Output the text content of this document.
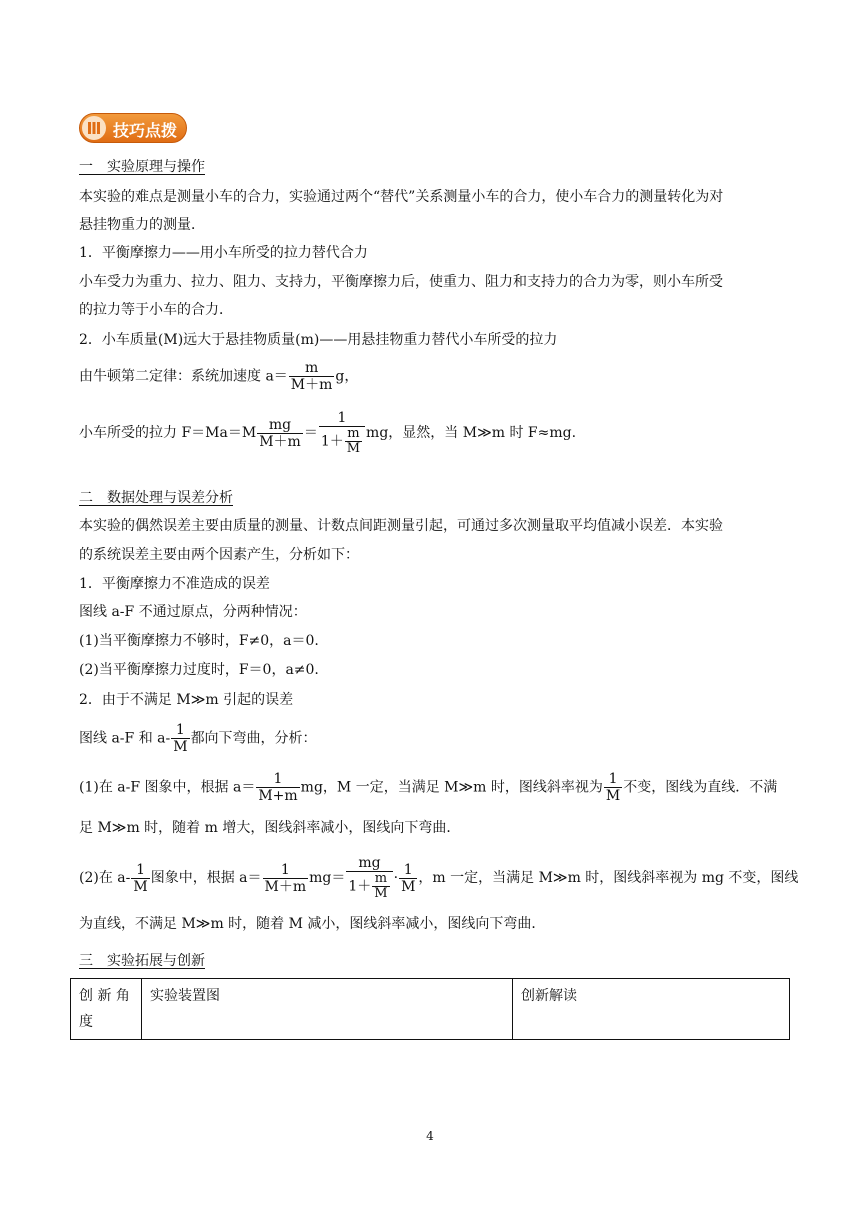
技巧点拨
一　实验原理与操作
本实验的难点是测量小车的合力，实验通过两个“替代”关系测量小车的合力，使小车合力的测量转化为对
悬挂物重力的测量．
1．平衡摩擦力——用小车所受的拉力替代合力
小车受力为重力、拉力、阻力、支持力，平衡摩擦力后，使重力、阻力和支持力的合力为零，则小车所受
的拉力等于小车的合力．
2．小车质量(M)远大于悬挂物质量(m)——用悬挂物重力替代小车所受的拉力
由牛顿第二定律：系统加速度 $a= \frac{m}{M+m}$ g，
小车所受的拉力 $F=Ma=M \frac{mg}{M+m} = \frac{1}{1+ \frac{m}{M}}$ mg，显然，当 M≫m 时 F≈mg.
二　数据处理与误差分析
本实验的偶然误差主要由质量的测量、计数点间距测量引起，可通过多次测量取平均值减小误差．本实验
的系统误差主要由两个因素产生，分析如下：
1．平衡摩擦力不准造成的误差
图线 a-F 不通过原点，分两种情况：
(1)当平衡摩擦力不够时，F≠0，a＝0.
(2)当平衡摩擦力过度时，F＝0，a≠0.
2．由于不满足 M≫m 引起的误差
图线 a-F 和 $a- \frac{1}{M}$ 都向下弯曲，分析：
(1)在 a-F 图象中，根据 $a= \frac{1}{M+m}$ mg，M 一定，当满足 M≫m 时，图线斜率视为 $\frac{1}{M}$ 不变，图线为直线．不满
足 M≫m 时，随着 m 增大，图线斜率减小，图线向下弯曲．
(2)在 $a- \frac{1}{M}$ 图象中，根据 $a= \frac{1}{M+m} mg= \frac{mg}{1+ \frac{m}{M}} \cdot \frac{1}{M}$ ，m 一定，当满足 M≫m 时，图线斜率视为 mg 不变，图线
为直线，不满足 M≫m 时，随着 M 减小，图线斜率减小，图线向下弯曲．
三　实验拓展与创新
创 新 角 度	实验装置图	创新解读
4
